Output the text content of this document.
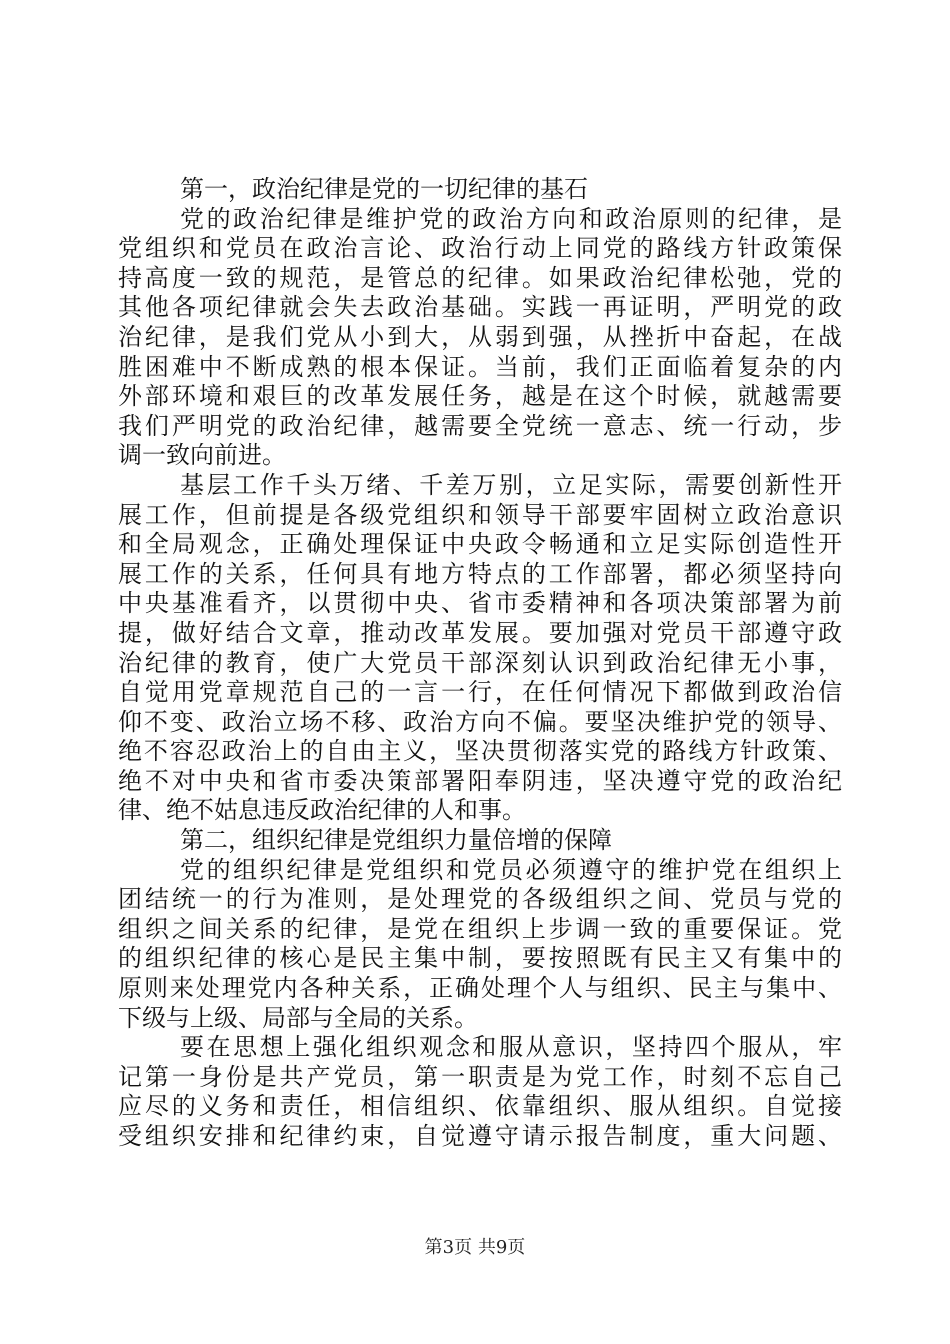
第一，政治纪律是党的一切纪律的基石
党的政治纪律是维护党的政治方向和政治原则的纪律，是
党组织和党员在政治言论、政治行动上同党的路线方针政策保
持高度一致的规范，是管总的纪律。如果政治纪律松弛，党的
其他各项纪律就会失去政治基础。实践一再证明，严明党的政
治纪律，是我们党从小到大，从弱到强，从挫折中奋起，在战
胜困难中不断成熟的根本保证。当前，我们正面临着复杂的内
外部环境和艰巨的改革发展任务，越是在这个时候，就越需要
我们严明党的政治纪律，越需要全党统一意志、统一行动，步
调一致向前进。
基层工作千头万绪、千差万别，立足实际，需要创新性开
展工作，但前提是各级党组织和领导干部要牢固树立政治意识
和全局观念，正确处理保证中央政令畅通和立足实际创造性开
展工作的关系，任何具有地方特点的工作部署，都必须坚持向
中央基准看齐，以贯彻中央、省市委精神和各项决策部署为前
提，做好结合文章，推动改革发展。要加强对党员干部遵守政
治纪律的教育，使广大党员干部深刻认识到政治纪律无小事，
自觉用党章规范自己的一言一行，在任何情况下都做到政治信
仰不变、政治立场不移、政治方向不偏。要坚决维护党的领导、
绝不容忍政治上的自由主义，坚决贯彻落实党的路线方针政策、
绝不对中央和省市委决策部署阳奉阴违，坚决遵守党的政治纪
律、绝不姑息违反政治纪律的人和事。
第二，组织纪律是党组织力量倍增的保障
党的组织纪律是党组织和党员必须遵守的维护党在组织上
团结统一的行为准则，是处理党的各级组织之间、党员与党的
组织之间关系的纪律，是党在组织上步调一致的重要保证。党
的组织纪律的核心是民主集中制，要按照既有民主又有集中的
原则来处理党内各种关系，正确处理个人与组织、民主与集中、
下级与上级、局部与全局的关系。
要在思想上强化组织观念和服从意识，坚持四个服从，牢
记第一身份是共产党员，第一职责是为党工作，时刻不忘自己
应尽的义务和责任，相信组织、依靠组织、服从组织。自觉接
受组织安排和纪律约束，自觉遵守请示报告制度，重大问题、
第3页 共9页
